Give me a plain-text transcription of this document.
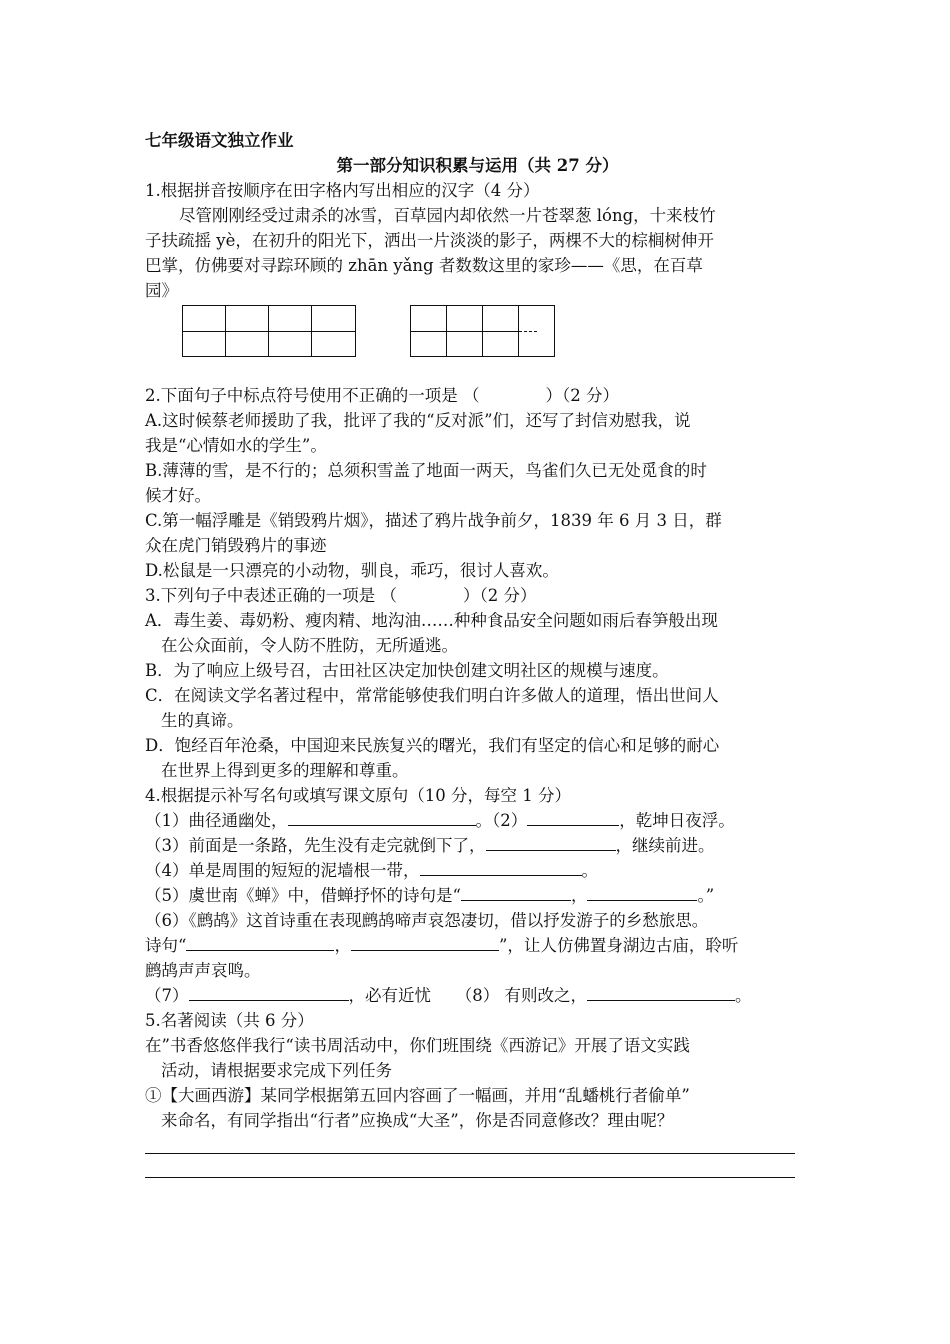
七年级语文独立作业
第一部分知识积累与运用（共 27 分）
1.根据拼音按顺序在田字格内写出相应的汉字（4 分）
尽管刚刚经受过肃杀的冰雪，百草园内却依然一片苍翠葱 lóng，十来枝竹
子扶疏摇 yè，在初升的阳光下，洒出一片淡淡的影子，两棵不大的棕榈树伸开
巴掌，仿佛要对寻踪环顾的 zhān yǎng 者数数这里的家珍——《思，在百草
园》
2.下面句子中标点符号使用不正确的一项是 （　　　　）（2 分）
A.这时候蔡老师援助了我，批评了我的“反对派”们，还写了封信劝慰我，说
我是“心情如水的学生”。
B.薄薄的雪，是不行的；总须积雪盖了地面一两天，鸟雀们久已无处觅食的时
候才好。
C.第一幅浮雕是《销毁鸦片烟》，描述了鸦片战争前夕，1839 年 6 月 3 日，群
众在虎门销毁鸦片的事迹
D.松鼠是一只漂亮的小动物，驯良，乖巧，很讨人喜欢。
3.下列句子中表述正确的一项是 （　　　　）（2 分）
A．毒生姜、毒奶粉、瘦肉精、地沟油……种种食品安全问题如雨后春笋般出现
在公众面前，令人防不胜防，无所遁逃。
B．为了响应上级号召，古田社区决定加快创建文明社区的规模与速度。
C．在阅读文学名著过程中，常常能够使我们明白许多做人的道理，悟出世间人
生的真谛。
D．饱经百年沧桑，中国迎来民族复兴的曙光，我们有坚定的信心和足够的耐心
在世界上得到更多的理解和尊重。
4.根据提示补写名句或填写课文原句（10 分，每空 1 分）
（1）曲径通幽处，	。（2）	，乾坤日夜浮。
（3）前面是一条路，先生没有走完就倒下了，	，继续前进。
（4）单是周围的短短的泥墙根一带，	。
（5）虞世南《蝉》中，借蝉抒怀的诗句是“	，	。”
（6）《鹧鸪》这首诗重在表现鹧鸪啼声哀怨凄切，借以抒发游子的乡愁旅思。
诗句“	，	”，让人仿佛置身湖边古庙，聆听
鹧鸪声声哀鸣。
（7）	，必有近忧　　（8） 有则改之，	。
5.名著阅读（共 6 分）
在”书香悠悠伴我行“读书周活动中，你们班围绕《西游记》开展了语文实践
活动，请根据要求完成下列任务
①【大画西游】某同学根据第五回内容画了一幅画，并用“乱蟠桃行者偷单”
来命名，有同学指出“行者”应换成“大圣”，你是否同意修改？理由呢？
